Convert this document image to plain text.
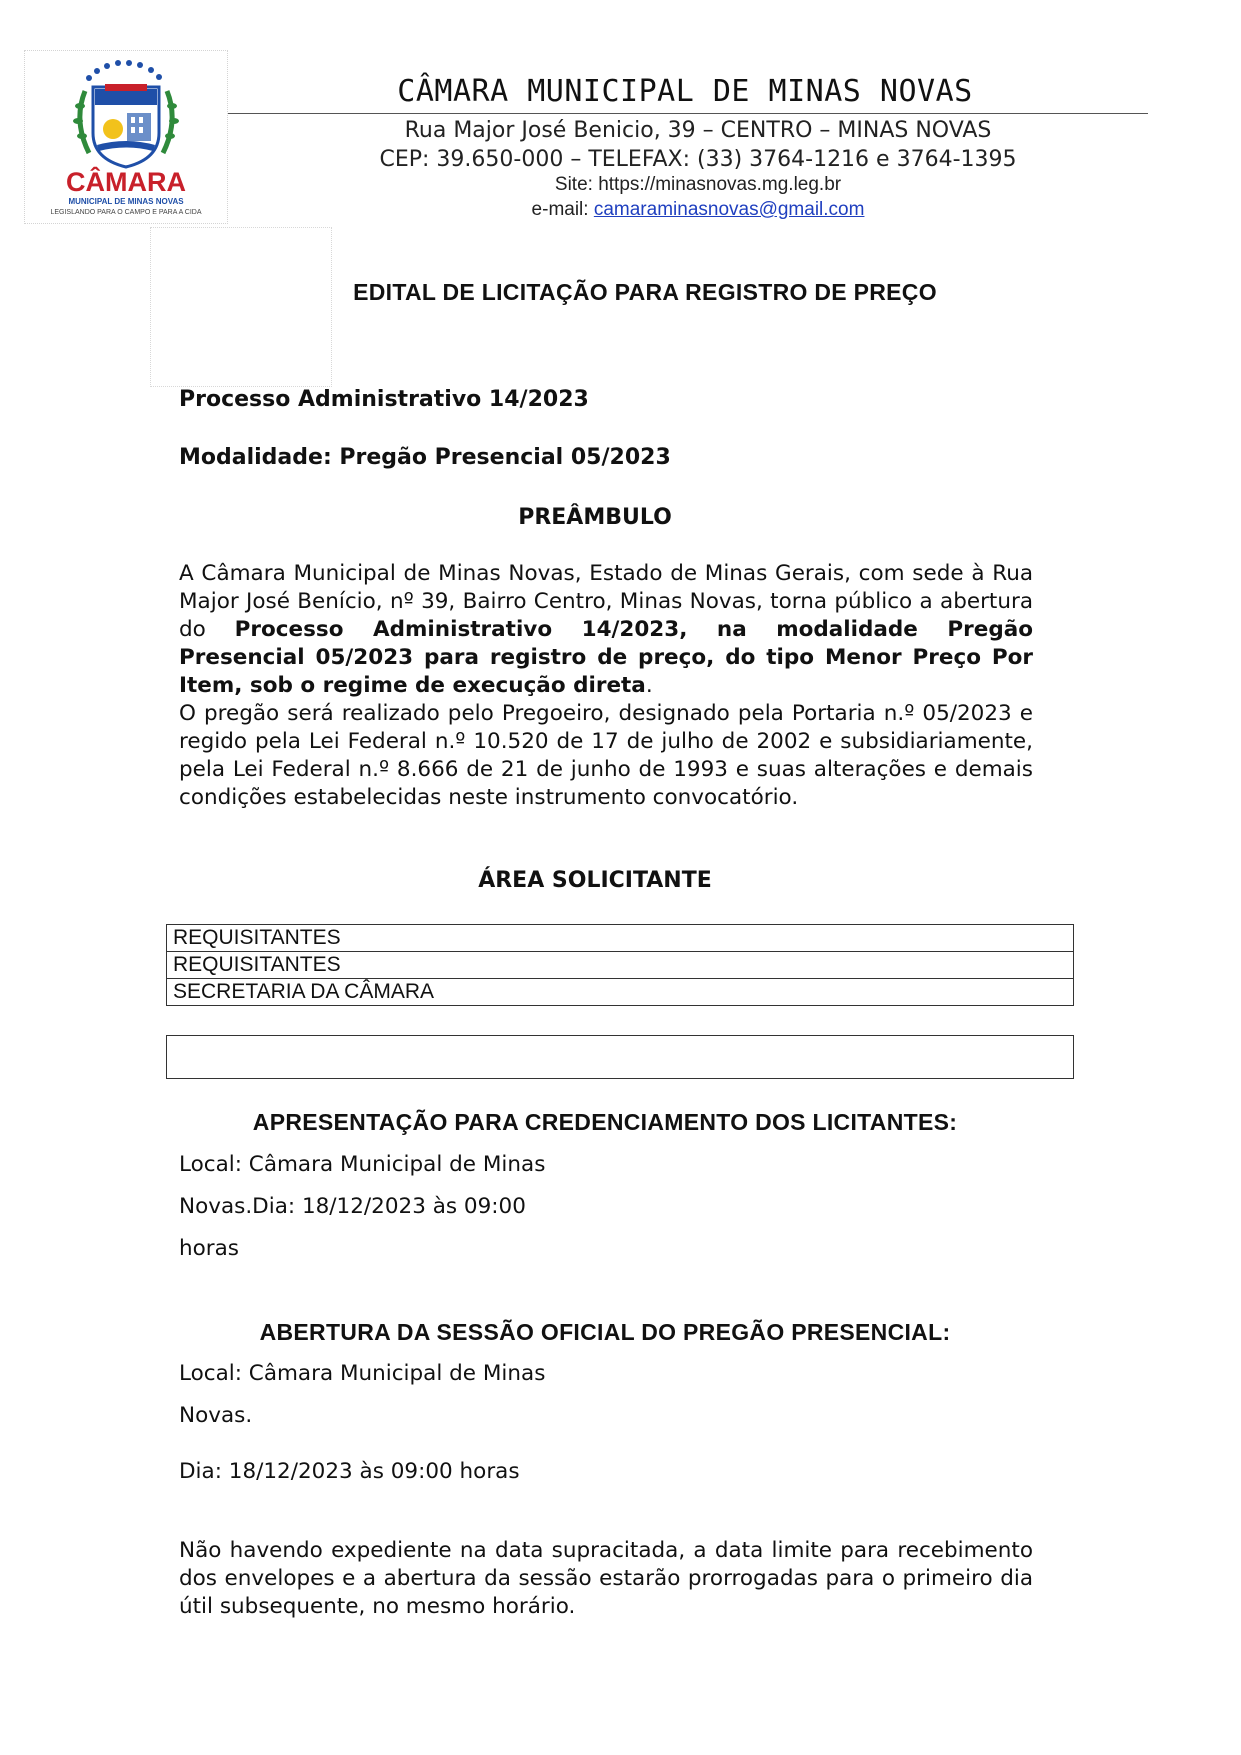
CÂMARA
MUNICIPAL DE MINAS NOVAS
LEGISLANDO PARA O CAMPO E PARA A CIDA
CÂMARA MUNICIPAL DE MINAS NOVAS
Rua Major José Benicio, 39 – CENTRO – MINAS NOVAS
CEP: 39.650-000 – TELEFAX: (33) 3764-1216 e 3764-1395
Site: https://minasnovas.mg.leg.br
e-mail: camaraminasnovas@gmail.com
EDITAL DE LICITAÇÃO PARA REGISTRO DE PREÇO
Processo Administrativo 14/2023
Modalidade: Pregão Presencial 05/2023
PREÂMBULO
A Câmara Municipal de Minas Novas, Estado de Minas Gerais, com sede à Rua Major José Benício, nº 39, Bairro Centro, Minas Novas, torna público a abertura do Processo Administrativo 14/2023, na modalidade Pregão Presencial 05/2023 para registro de preço, do tipo Menor Preço Por Item, sob o regime de execução direta.
O pregão será realizado pelo Pregoeiro, designado pela Portaria n.º 05/2023 e regido pela Lei Federal n.º 10.520 de 17 de julho de 2002 e subsidiariamente, pela Lei Federal n.º 8.666 de 21 de junho de 1993 e suas alterações e demais condições estabelecidas neste instrumento convocatório.
ÁREA SOLICITANTE
REQUISITANTES
REQUISITANTES
SECRETARIA DA CÂMARA
APRESENTAÇÃO PARA CREDENCIAMENTO DOS LICITANTES:
Local: Câmara Municipal de Minas
Novas.Dia: 18/12/2023 às 09:00
horas
ABERTURA DA SESSÃO OFICIAL DO PREGÃO PRESENCIAL:
Local: Câmara Municipal de Minas
Novas.
Dia: 18/12/2023 às 09:00 horas
Não havendo expediente na data supracitada, a data limite para recebimento dos envelopes e a abertura da sessão estarão prorrogadas para o primeiro dia útil subsequente, no mesmo horário.
